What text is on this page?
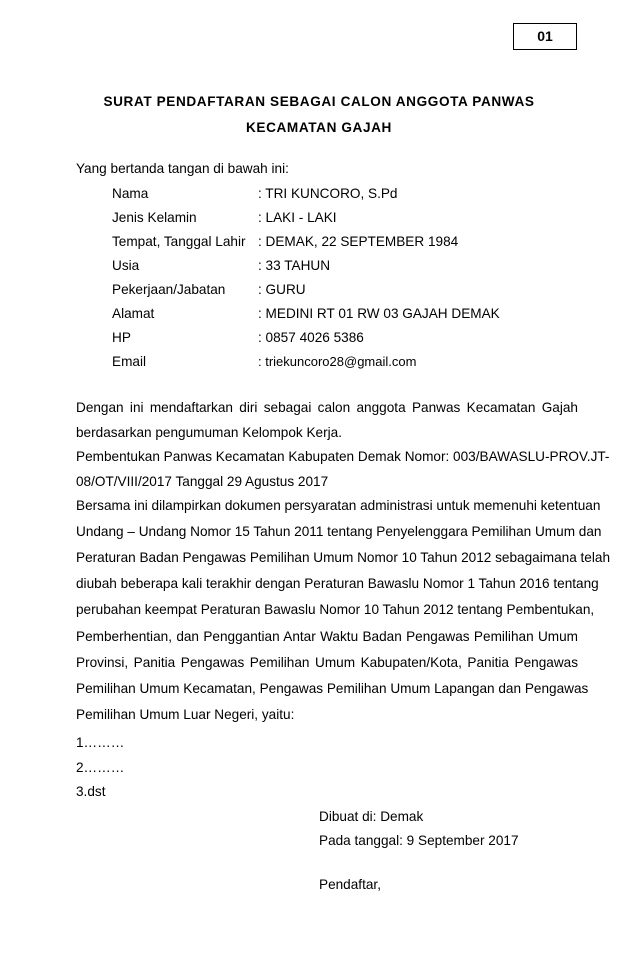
01
SURAT PENDAFTARAN SEBAGAI CALON ANGGOTA PANWAS
KECAMATAN GAJAH
Yang bertanda tangan di bawah ini:
Nama	: TRI KUNCORO, S.Pd
Jenis Kelamin	: LAKI - LAKI
Tempat, Tanggal Lahir : DEMAK, 22 SEPTEMBER 1984
Usia	: 33 TAHUN
Pekerjaan/Jabatan : GURU
Alamat	: MEDINI RT 01 RW 03 GAJAH DEMAK
HP	: 0857 4026 5386
Email	: triekuncoro28@gmail.com
Dengan ini mendaftarkan diri sebagai calon anggota Panwas Kecamatan Gajah
berdasarkan pengumuman Kelompok Kerja.
Pembentukan Panwas Kecamatan Kabupaten Demak Nomor: 003/BAWASLU-PROV.JT-
08/OT/VIII/2017 Tanggal 29 Agustus 2017
Bersama ini dilampirkan dokumen persyaratan administrasi untuk memenuhi ketentuan
Undang – Undang Nomor 15 Tahun 2011 tentang Penyelenggara Pemilihan Umum dan
Peraturan Badan Pengawas Pemilihan Umum Nomor 10 Tahun 2012 sebagaimana telah
diubah beberapa kali terakhir dengan Peraturan Bawaslu Nomor 1 Tahun 2016 tentang
perubahan keempat Peraturan Bawaslu Nomor 10 Tahun 2012 tentang Pembentukan,
Pemberhentian, dan Penggantian Antar Waktu Badan Pengawas Pemilihan Umum
Provinsi, Panitia Pengawas Pemilihan Umum Kabupaten/Kota, Panitia Pengawas
Pemilihan Umum Kecamatan, Pengawas Pemilihan Umum Lapangan dan Pengawas
Pemilihan Umum Luar Negeri, yaitu:
1………
2………
3.dst
Dibuat di: Demak
Pada tanggal: 9 September 2017
Pendaftar,
